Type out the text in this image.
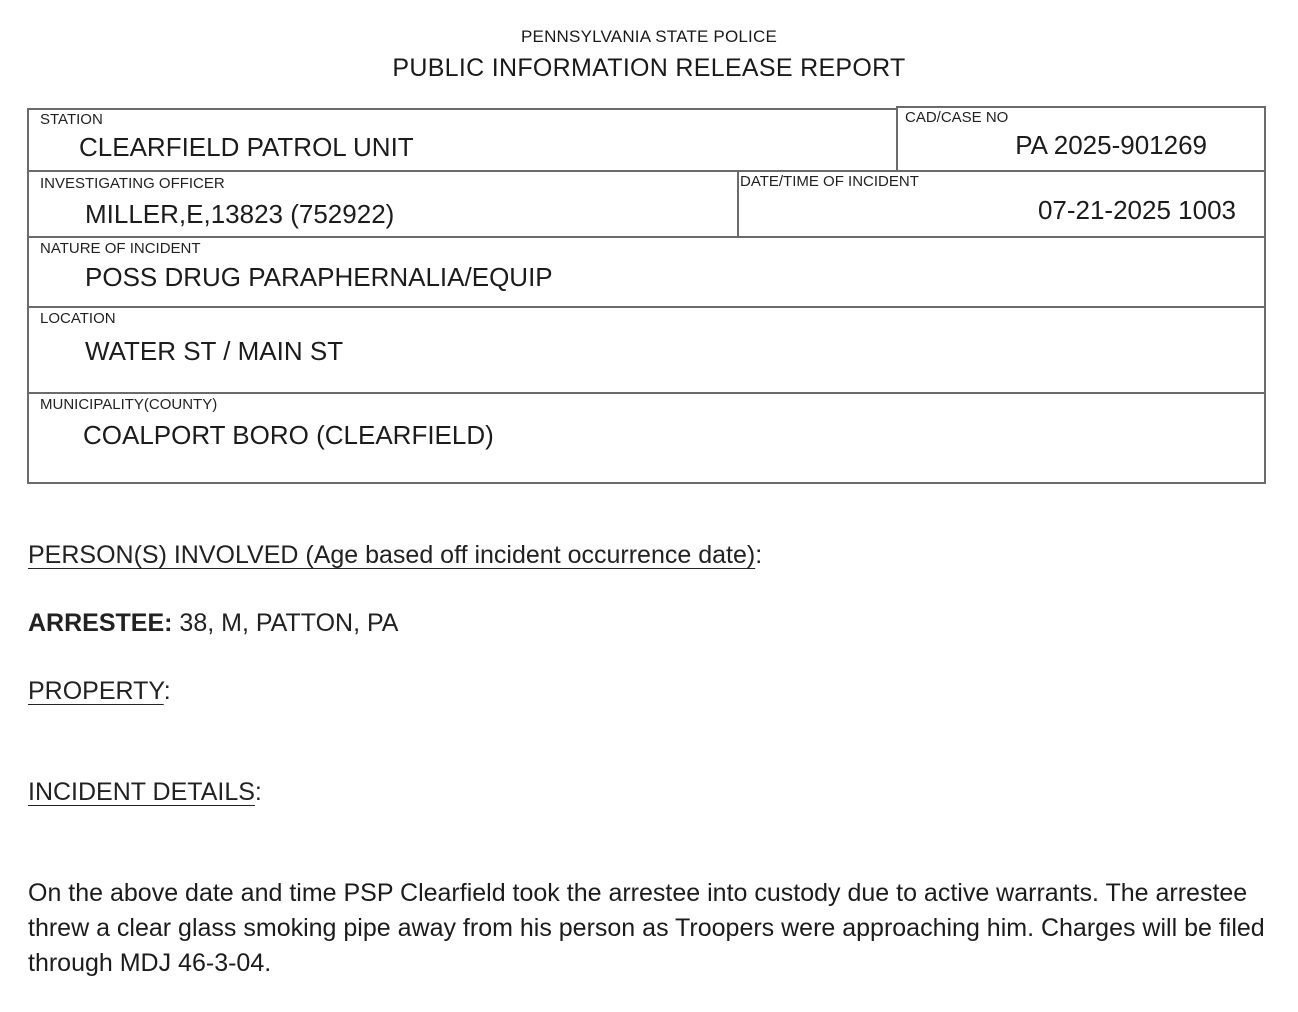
PENNSYLVANIA STATE POLICE
PUBLIC INFORMATION RELEASE REPORT
STATION
CLEARFIELD PATROL UNIT
CAD/CASE NO
PA 2025-901269
INVESTIGATING OFFICER
MILLER,E,13823 (752922)
DATE/TIME OF INCIDENT
07-21-2025 1003
NATURE OF INCIDENT
POSS DRUG PARAPHERNALIA/EQUIP
LOCATION
WATER ST / MAIN ST
MUNICIPALITY(COUNTY)
COALPORT BORO (CLEARFIELD)
PERSON(S) INVOLVED (Age based off incident occurrence date):
ARRESTEE: 38, M, PATTON, PA
PROPERTY:
INCIDENT DETAILS:
On the above date and time PSP Clearfield took the arrestee into custody due to active warrants. The arrestee threw a clear glass smoking pipe away from his person as Troopers were approaching him. Charges will be filed through MDJ 46-3-04.
